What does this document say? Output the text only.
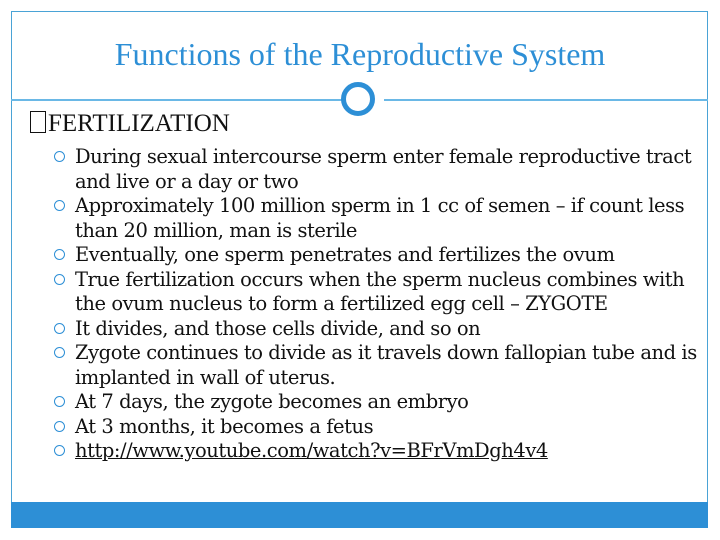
Functions of the Reproductive System
FERTILIZATION
During sexual intercourse sperm enter female reproductive tract and live or a day or two
Approximately 100 million sperm in 1 cc of semen – if count less than 20 million, man is sterile
Eventually, one sperm penetrates and fertilizes the ovum
True fertilization occurs when the sperm nucleus combines with the ovum nucleus to form a fertilized egg cell – ZYGOTE
It divides, and those cells divide, and so on
Zygote continues to divide as it travels down fallopian tube and is implanted in wall of uterus.
At 7 days, the zygote becomes an embryo
At 3 months, it becomes a fetus
http://www.youtube.com/watch?v=BFrVmDgh4v4
